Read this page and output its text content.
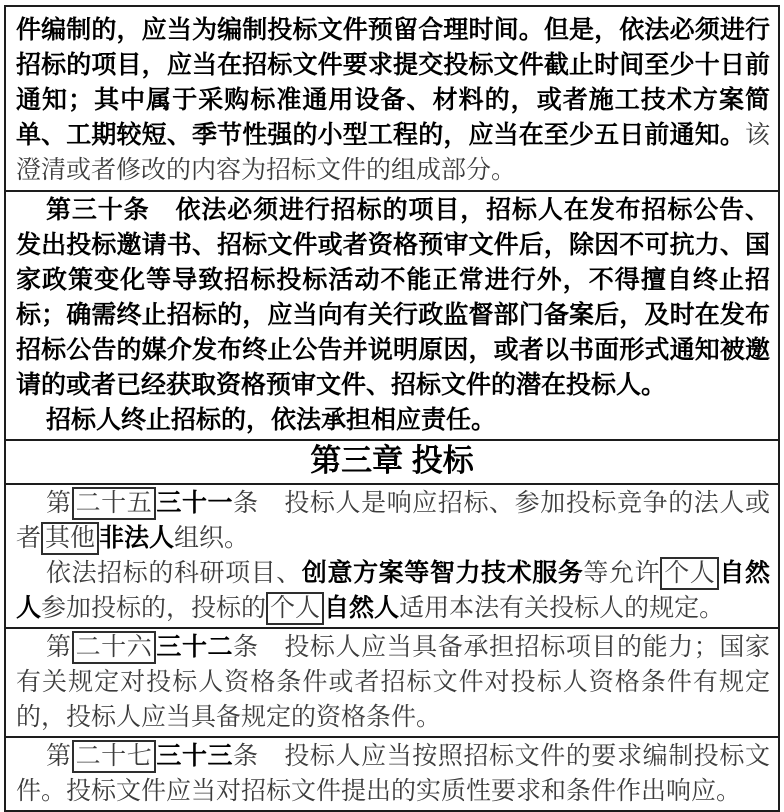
件编制的，应当为编制投标文件预留合理时间。但是，依法必须进行招标的项目，应当在招标文件要求提交投标文件截止时间至少十日前通知；其中属于采购标准通用设备、材料的，或者施工技术方案简单、工期较短、季节性强的小型工程的，应当在至少五日前通知。该澄清或者修改的内容为招标文件的组成部分。

第三十条　依法必须进行招标的项目，招标人在发布招标公告、发出投标邀请书、招标文件或者资格预审文件后，除因不可抗力、国家政策变化等导致招标投标活动不能正常进行外，不得擅自终止招标；确需终止招标的，应当向有关行政监督部门备案后，及时在发布招标公告的媒介发布终止公告并说明原因，或者以书面形式通知被邀请的或者已经获取资格预审文件、招标文件的潜在投标人。

招标人终止招标的，依法承担相应责任。

第三章 投标

第 二十五 三十一条　投标人是响应招标、参加投标竞争的法人或者 其他 非法人组织。

依法招标的科研项目、创意方案等智力技术服务等允许 个人 自然人参加投标的，投标的 个人 自然人适用本法有关投标人的规定。

第 二十六 三十二条　投标人应当具备承担招标项目的能力；国家有关规定对投标人资格条件或者招标文件对投标人资格条件有规定的，投标人应当具备规定的资格条件。

第 二十七 三十三条　投标人应当按照招标文件的要求编制投标文件。投标文件应当对招标文件提出的实质性要求和条件作出响应。
